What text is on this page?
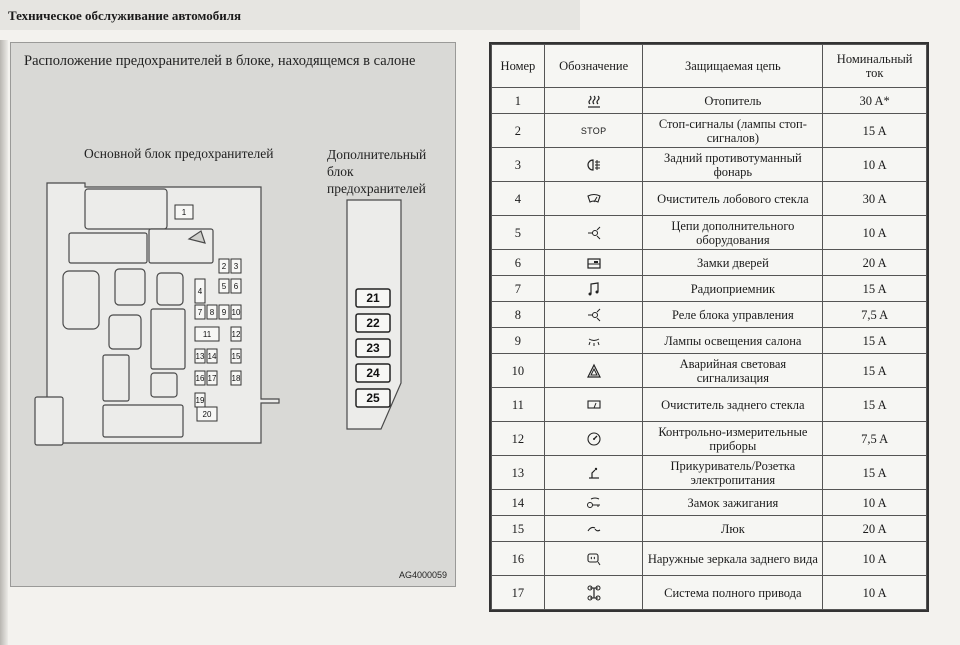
Техническое обслуживание автомобиля
Расположение предохранителей в блоке, находящемся в салоне
Основной блок предохранителей	Дополнительный
блок предохранителей
1
2 3
4
5 6
7 8 9 10
11	12
13 14 15
16 17 18
19
20
21
22
23
24
25
AG4000059
Номер	Обозначение	Защищаемая цепь	Номинальный
ток
1		Отопитель	30 A*
2	STOP	Стоп-сигналы (лампы стоп-сигналов)	15 A
3		Задний противотуманный фонарь	10 A
4		Очиститель лобового стекла	30 A
5		Цепи дополнительного оборудования	10 A
6		Замки дверей	20 A
7		Радиоприемник	15 A
8		Реле блока управления	7,5 A
9		Лампы освещения салона	15 A
10		Аварийная световая сигнализация	15 A
11		Очиститель заднего стекла	15 A
12		Контрольно-измерительные приборы	7,5 A
13		Прикуриватель/Розетка электропитания	15 A
14		Замок зажигания	10 A
15		Люк	20 A
16		Наружные зеркала заднего вида	10 A
17		Система полного привода	10 A
